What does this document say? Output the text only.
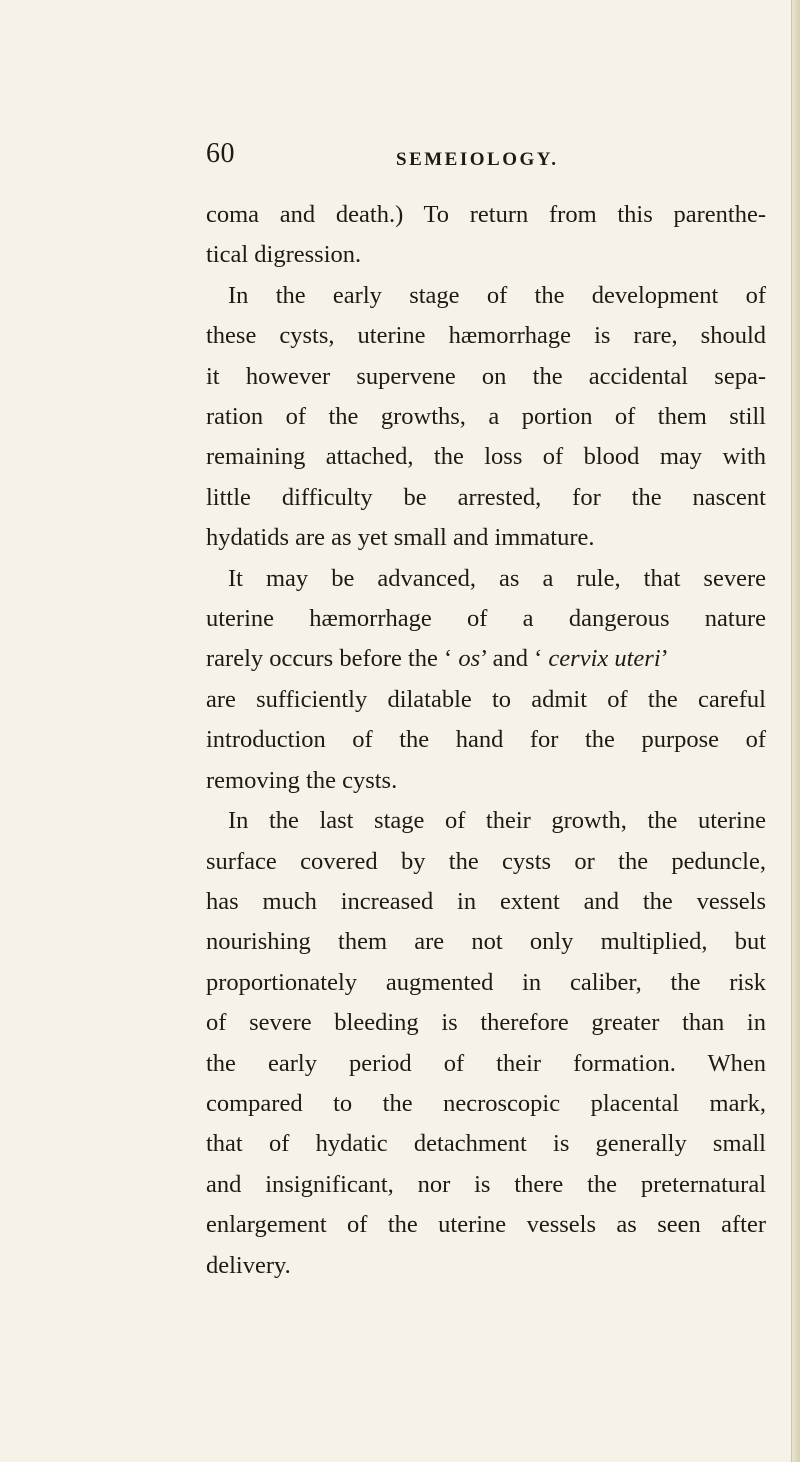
60	SEMEIOLOGY.

coma and death.) To return from this parenthe-
tical digression.

In the early stage of the development of
these cysts, uterine hæmorrhage is rare, should
it however supervene on the accidental sepa-
ration of the growths, a portion of them still
remaining attached, the loss of blood may with
little difficulty be arrested, for the nascent
hydatids are as yet small and immature.

It may be advanced, as a rule, that severe
uterine hæmorrhage of a dangerous nature
rarely occurs before the ‘ os’ and ‘ cervix uteri’
are sufficiently dilatable to admit of the careful
introduction of the hand for the purpose of
removing the cysts.

In the last stage of their growth, the uterine
surface covered by the cysts or the peduncle,
has much increased in extent and the vessels
nourishing them are not only multiplied, but
proportionately augmented in caliber, the risk
of severe bleeding is therefore greater than in
the early period of their formation. When
compared to the necroscopic placental mark,
that of hydatic detachment is generally small
and insignificant, nor is there the preternatural
enlargement of the uterine vessels as seen after
delivery.
